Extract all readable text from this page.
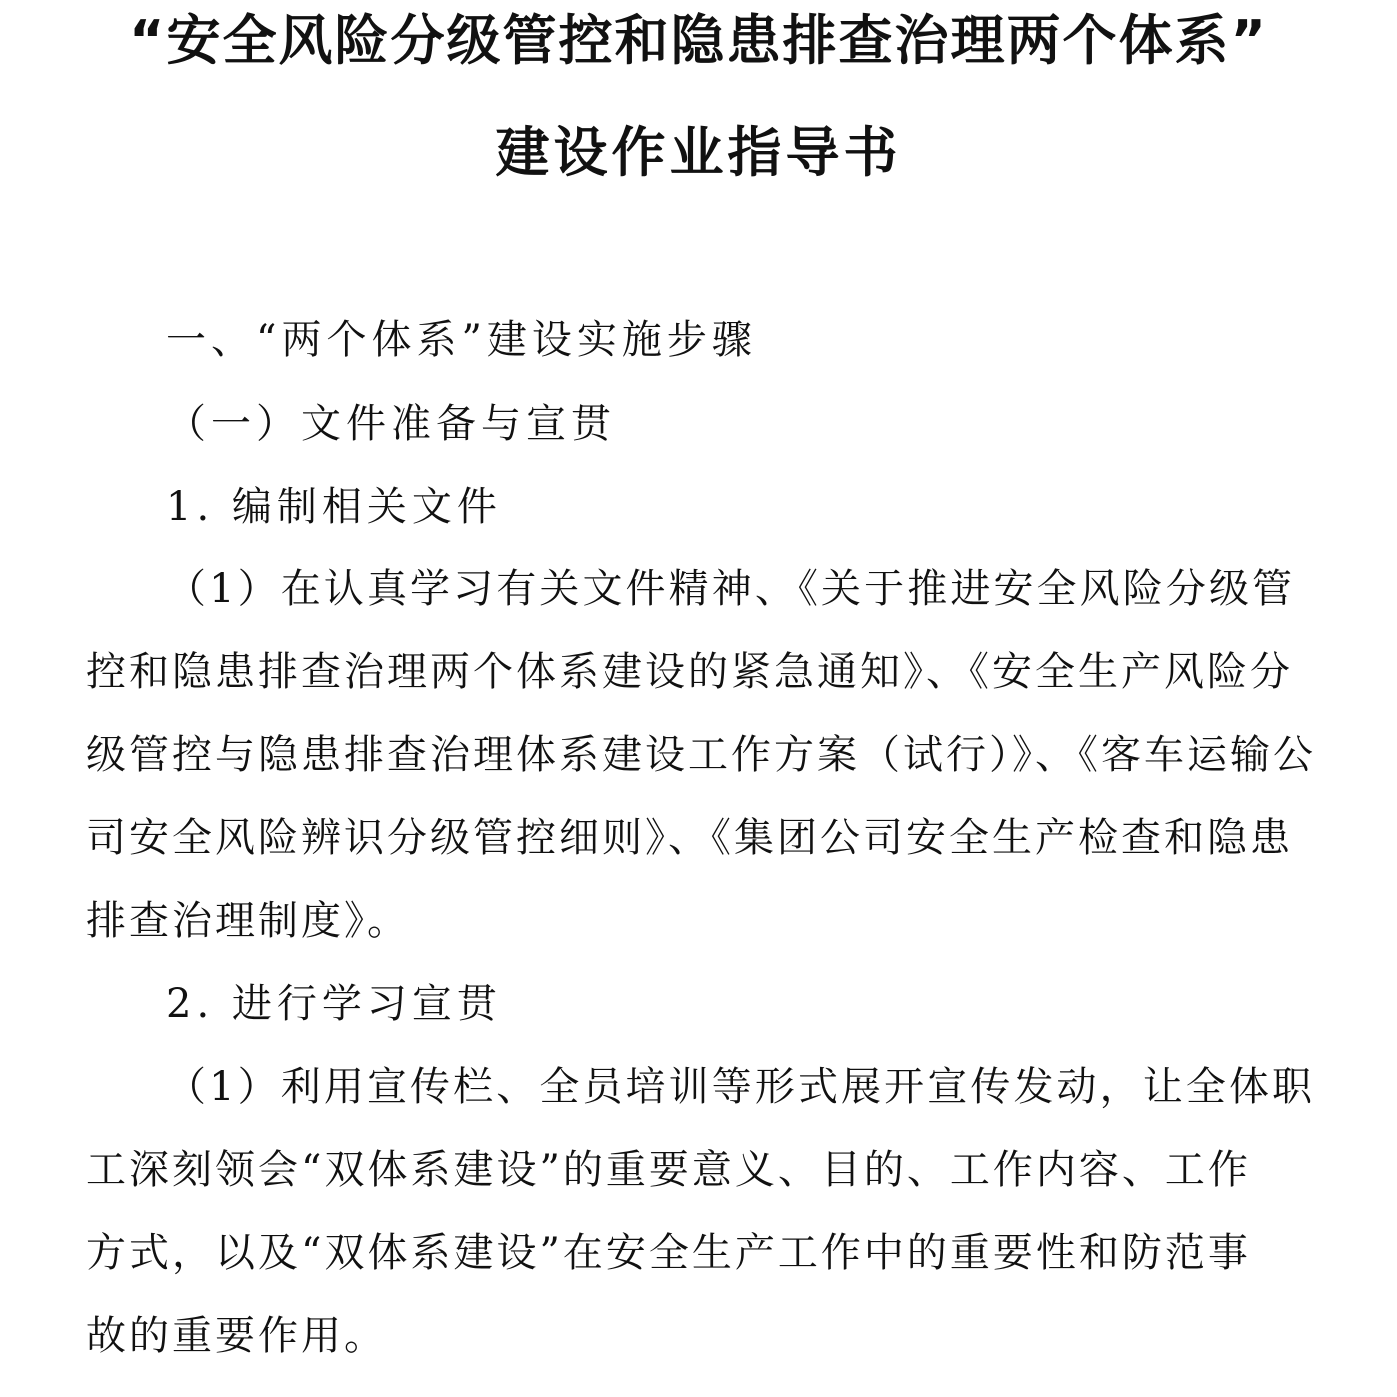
“安全风险分级管控和隐患排查治理两个体系”
建设作业指导书
一、“两个体系”建设实施步骤
（一）文件准备与宣贯
1. 编制相关文件
（1）在认真学习有关文件精神、《关于推进安全风险分级管
控和隐患排查治理两个体系建设的紧急通知》、《安全生产风险分
级管控与隐患排查治理体系建设工作方案（试行）》、《客车运输公
司安全风险辨识分级管控细则》、《集团公司安全生产检查和隐患
排查治理制度》。
2. 进行学习宣贯
（1）利用宣传栏、全员培训等形式展开宣传发动，让全体职
工深刻领会“双体系建设”的重要意义、目的、工作内容、工作
方式，以及“双体系建设”在安全生产工作中的重要性和防范事
故的重要作用。
